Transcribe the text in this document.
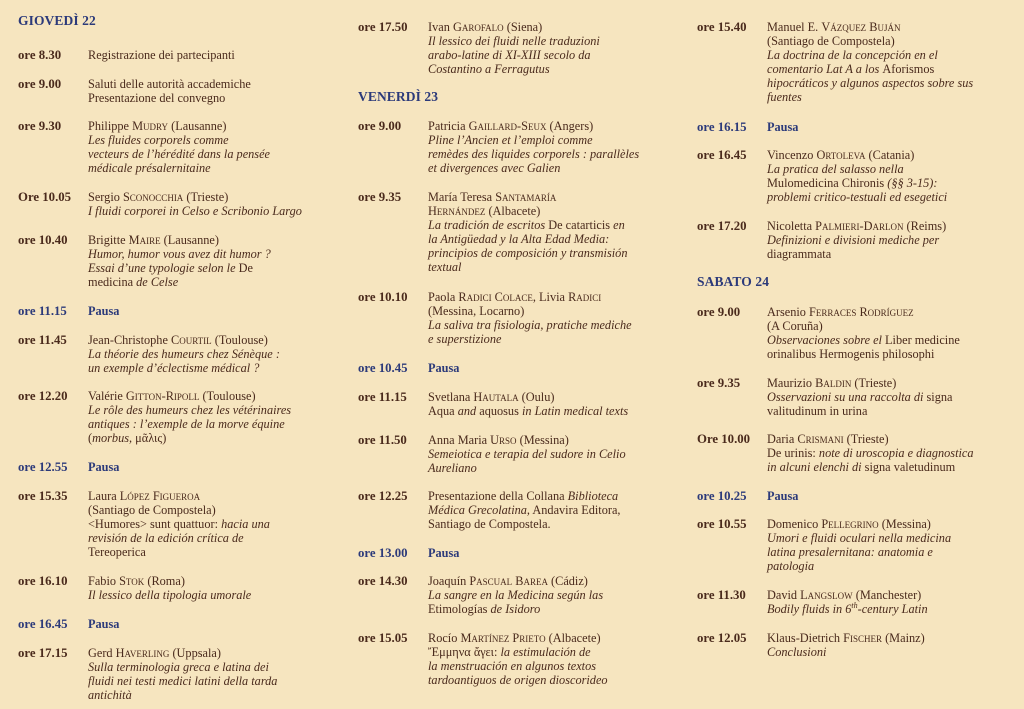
GIOVEDÌ 22
ore 8.30	Registrazione dei partecipanti
ore 9.00	Saluti delle autorità accademiche
Presentazione del convegno
ore 9.30	Philippe Mudry (Lausanne)
Les fluides corporels comme
vecteurs de l’hérédité dans la pensée
médicale présalernitaine
Ore 10.05	Sergio Sconocchia (Trieste)
I fluidi corporei in Celso e Scribonio Largo
ore 10.40	Brigitte Maire (Lausanne)
Humor, humor vous avez dit humor ?
Essai d’une typologie selon le De
medicina de Celse
ore 11.15	Pausa
ore 11.45	Jean-Christophe Courtil (Toulouse)
La théorie des humeurs chez Sénèque :
un exemple d’éclectisme médical ?
ore 12.20	Valérie Gitton-Ripoll (Toulouse)
Le rôle des humeurs chez les vétérinaires
antiques : l’exemple de la morve équine
(morbus, μᾶλις)
ore 12.55	Pausa
ore 15.35	Laura López Figueroa
(Santiago de Compostela)
<Humores> sunt quattuor: hacia una
revisión de la edición crítica de
Tereoperica
ore 16.10	Fabio Stok (Roma)
Il lessico della tipologia umorale
ore 16.45	Pausa
ore 17.15	Gerd Haverling (Uppsala)
Sulla terminologia greca e latina dei
fluidi nei testi medici latini della tarda
antichità
ore 17.50	Ivan Garofalo (Siena)
Il lessico dei fluidi nelle traduzioni
arabo-latine di XI-XIII secolo da
Costantino a Ferragutus
VENERDÌ 23
ore 9.00	Patricia Gaillard-Seux (Angers)
Pline l’Ancien et l’emploi comme
remèdes des liquides corporels : parallèles
et divergences avec Galien
ore 9.35	María Teresa Santamaría
Hernández (Albacete)
La tradición de escritos De catarticis en
la Antigüedad y la Alta Edad Media:
principios de composición y transmisión
textual
ore 10.10	Paola Radici Colace, Livia Radici
(Messina, Locarno)
La saliva tra fisiologia, pratiche mediche
e superstizione
ore 10.45	Pausa
ore 11.15	Svetlana Hautala (Oulu)
Aqua and aquosus in Latin medical texts
ore 11.50	Anna Maria Urso (Messina)
Semeiotica e terapia del sudore in Celio
Aureliano
ore 12.25	Presentazione della Collana Biblioteca
Médica Grecolatina, Andavira Editora,
Santiago de Compostela.
ore 13.00	Pausa
ore 14.30	Joaquín Pascual Barea (Cádiz)
La sangre en la Medicina según las
Etimologías de Isidoro
ore 15.05	Rocío Martínez Prieto (Albacete)
Ἔμμηνα ἄγει: la estimulación de
la menstruación en algunos textos
tardoantiguos de origen dioscorideo
ore 15.40	Manuel E. Vázquez Buján
(Santiago de Compostela)
La doctrina de la concepción en el
comentario Lat A a los Aforismos
hipocráticos y algunos aspectos sobre sus
fuentes
ore 16.15	Pausa
ore 16.45	Vincenzo Ortoleva (Catania)
La pratica del salasso nella
Mulomedicina Chironis (§§ 3-15):
problemi critico-testuali ed esegetici
ore 17.20	Nicoletta Palmieri-Darlon (Reims)
Definizioni e divisioni mediche per
diagrammata
SABATO 24
ore 9.00	Arsenio Ferraces Rodríguez
(A Coruña)
Observaciones sobre el Liber medicine
orinalibus Hermogenis philosophi
ore 9.35	Maurizio Baldin (Trieste)
Osservazioni su una raccolta di signa
valitudinum in urina
Ore 10.00	Daria Crismani (Trieste)
De urinis: note di uroscopia e diagnostica
in alcuni elenchi di signa valetudinum
ore 10.25	Pausa
ore 10.55	Domenico Pellegrino (Messina)
Umori e fluidi oculari nella medicina
latina presalernitana: anatomia e
patologia
ore 11.30	David Langslow (Manchester)
Bodily fluids in 6th-century Latin
ore 12.05	Klaus-Dietrich Fischer (Mainz)
Conclusioni
